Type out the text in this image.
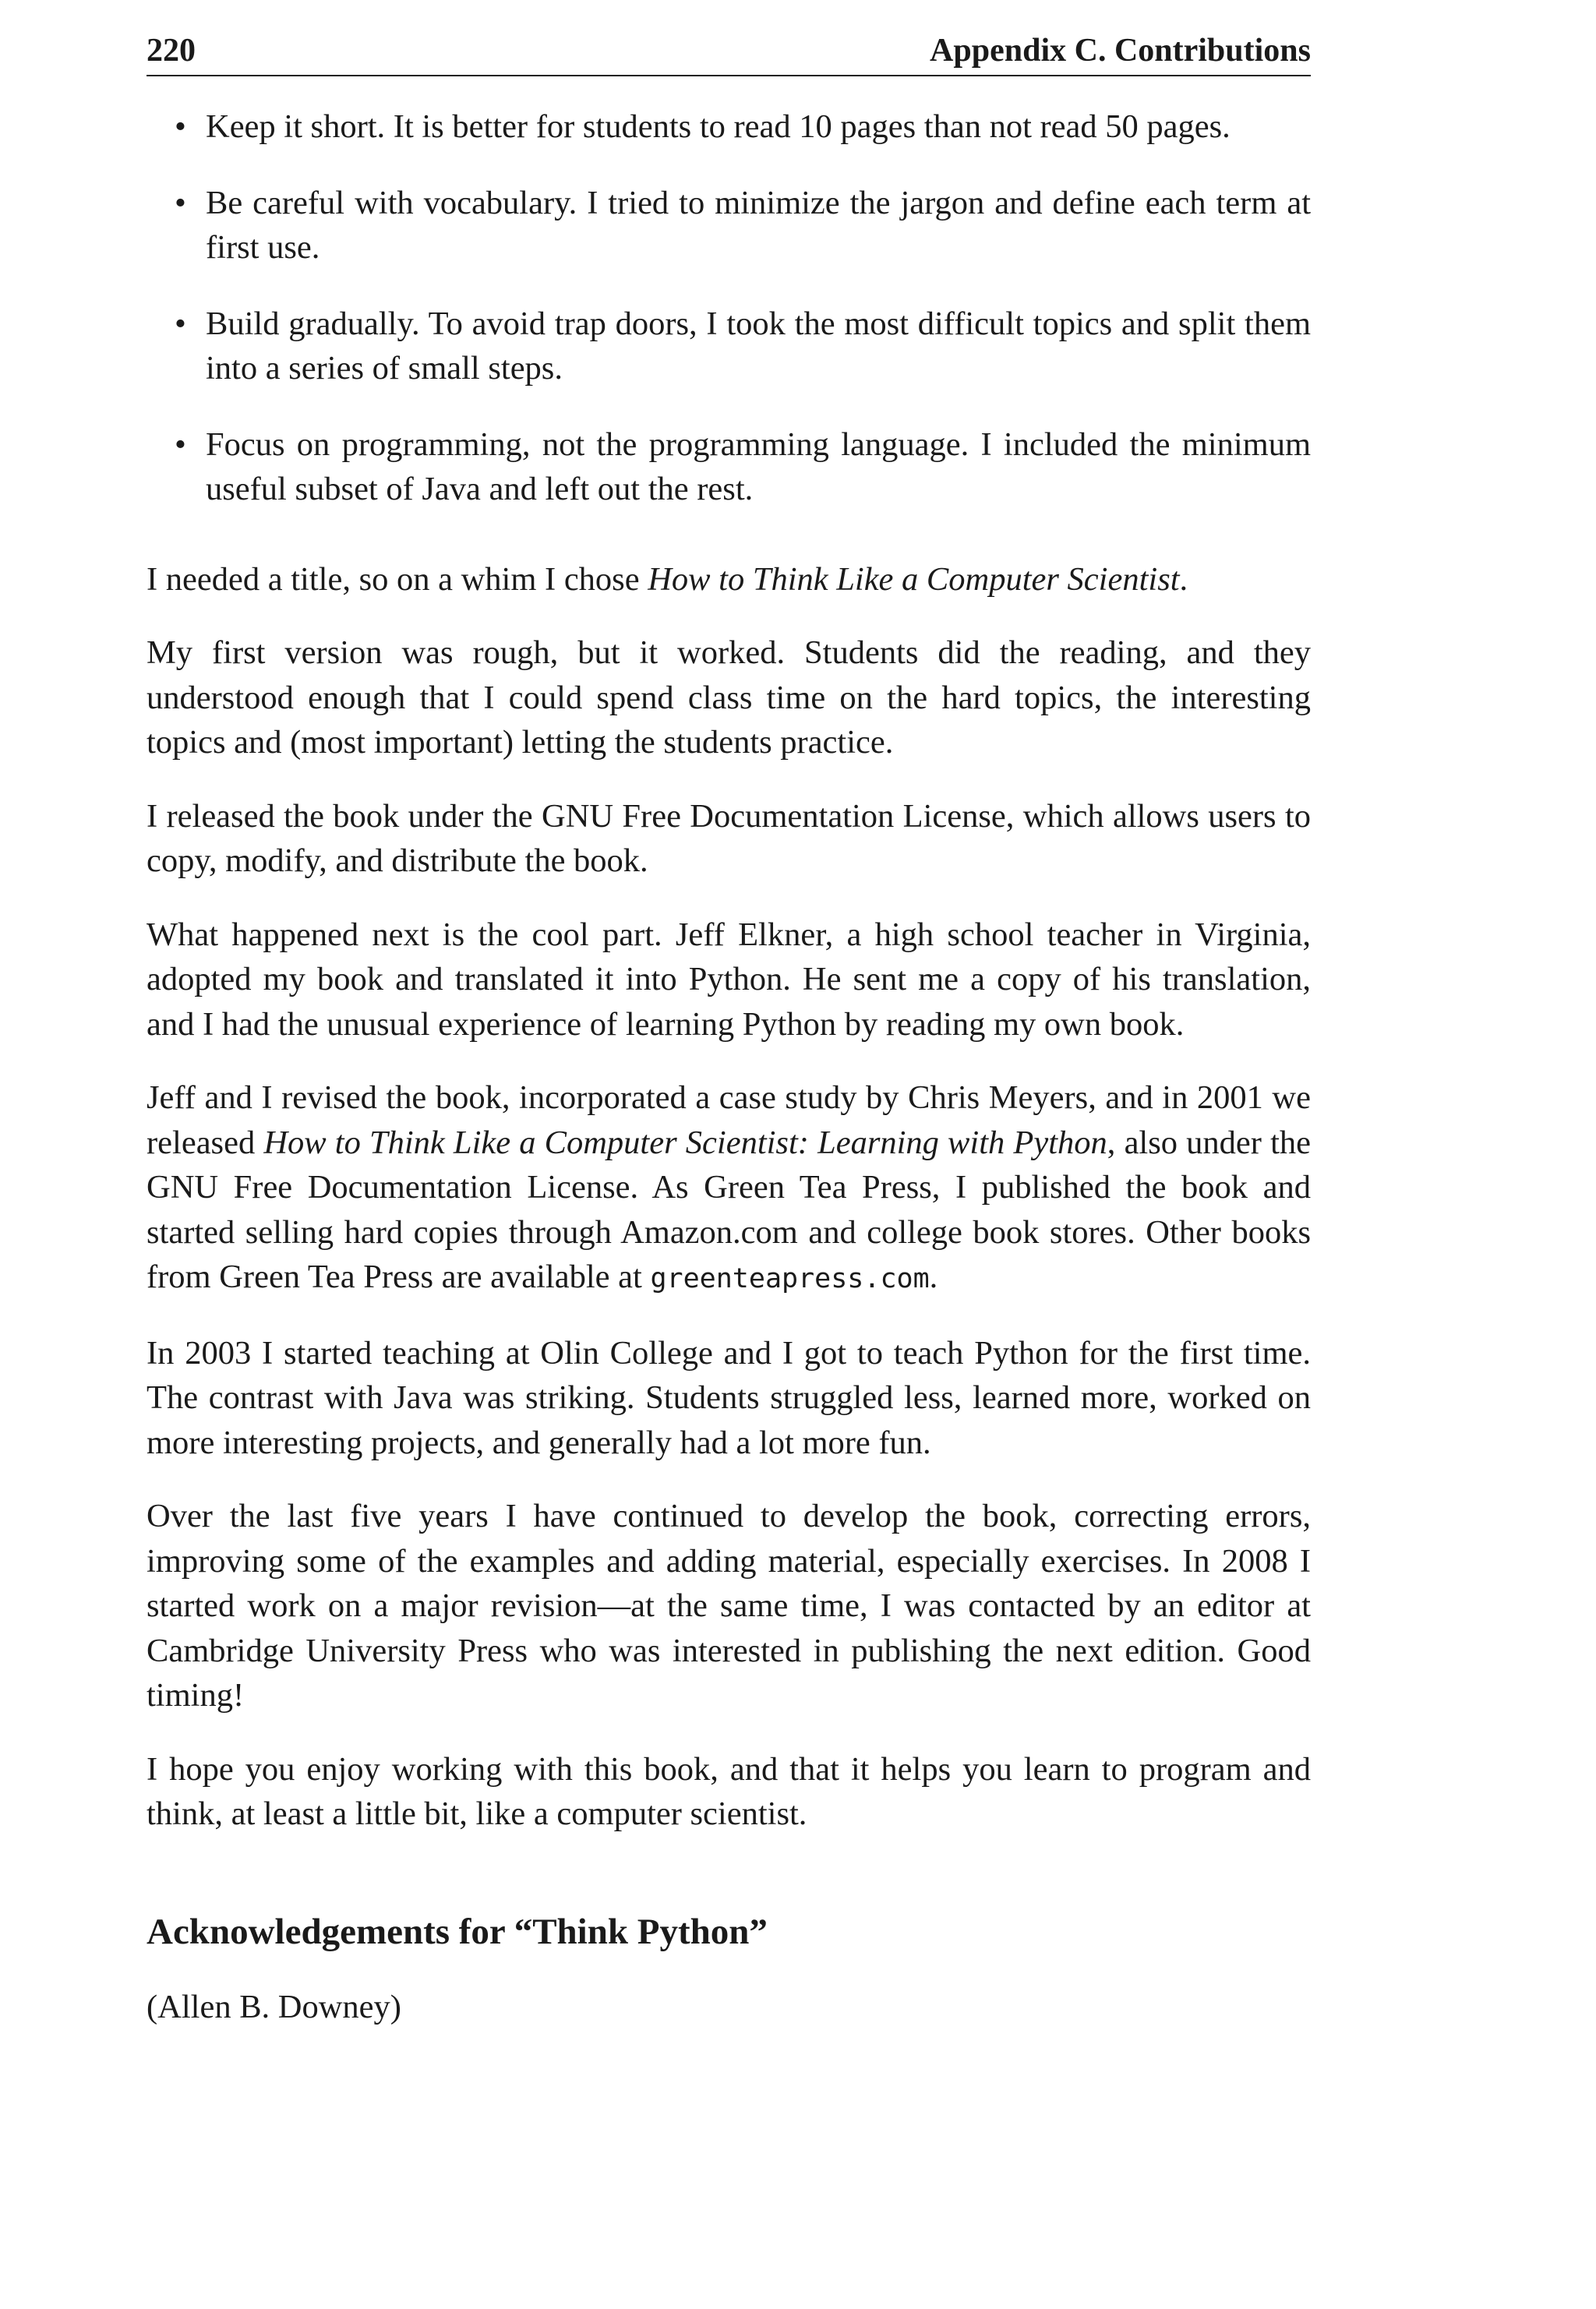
220	Appendix C. Contributions
• Keep it short. It is better for students to read 10 pages than not read 50 pages.
• Be careful with vocabulary. I tried to minimize the jargon and define each term at first use.
• Build gradually. To avoid trap doors, I took the most difficult topics and split them into a series of small steps.
• Focus on programming, not the programming language. I included the minimum useful subset of Java and left out the rest.

I needed a title, so on a whim I chose How to Think Like a Computer Scientist.

My first version was rough, but it worked. Students did the reading, and they understood enough that I could spend class time on the hard topics, the interesting topics and (most important) letting the students practice.

I released the book under the GNU Free Documentation License, which allows users to copy, modify, and distribute the book.

What happened next is the cool part. Jeff Elkner, a high school teacher in Virginia, adopted my book and translated it into Python. He sent me a copy of his translation, and I had the unusual experience of learning Python by reading my own book.

Jeff and I revised the book, incorporated a case study by Chris Meyers, and in 2001 we released How to Think Like a Computer Scientist: Learning with Python, also under the GNU Free Documentation License. As Green Tea Press, I published the book and started selling hard copies through Amazon.com and college book stores. Other books from Green Tea Press are available at greenteapress.com.

In 2003 I started teaching at Olin College and I got to teach Python for the first time. The contrast with Java was striking. Students struggled less, learned more, worked on more interesting projects, and generally had a lot more fun.

Over the last five years I have continued to develop the book, correcting errors, improving some of the examples and adding material, especially exercises. In 2008 I started work on a major revision—at the same time, I was contacted by an editor at Cambridge University Press who was interested in publishing the next edition. Good timing!

I hope you enjoy working with this book, and that it helps you learn to program and think, at least a little bit, like a computer scientist.

Acknowledgements for “Think Python”

(Allen B. Downey)
